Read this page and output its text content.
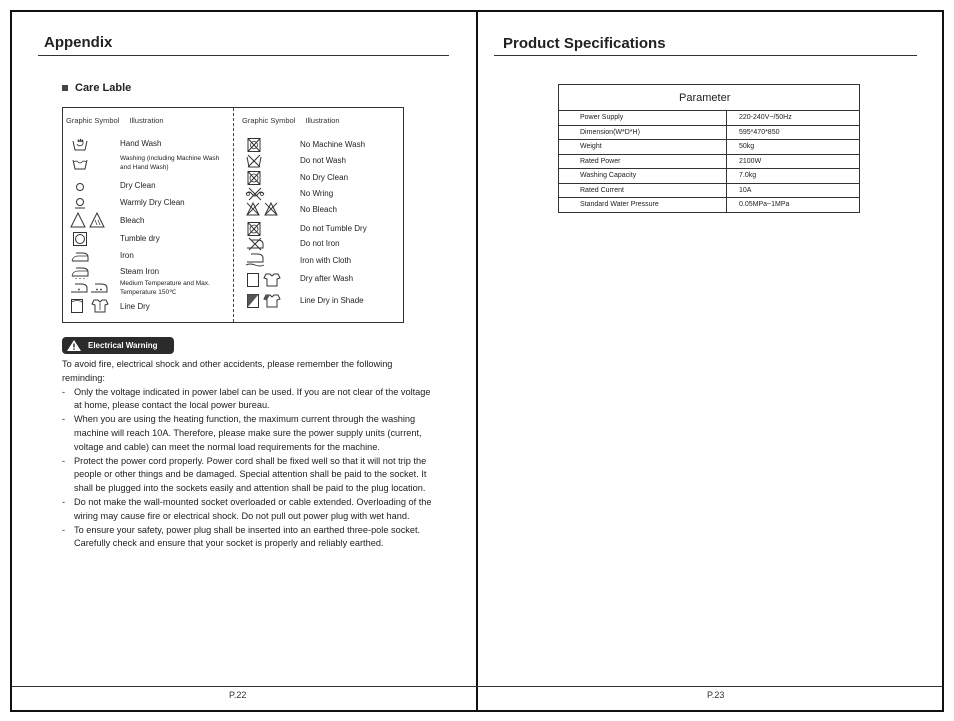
Appendix
Care Lable
Graphic Symbol Illustration	Graphic Symbol Illustration
Hand Wash
Washing (including Machine Wash and Hand Wash)
Dry Clean
Warmly Dry Clean
Bleach
Tumble dry
Iron
Steam Iron
Medium Temperature and Max. Temperature 150℃
Line Dry
No Machine Wash
Do not Wash
No Dry Clean
No Wring
No Bleach
Do not Tumble Dry
Do not Iron
Iron with Cloth
Dry after Wash
Line Dry in Shade
Electrical Warning

To avoid fire, electrical shock and other accidents, please remember the following reminding:

- Only the voltage indicated in power label can be used. If you are not clear of the voltage at home, please contact the local power bureau.

- When you are using the heating function, the maximum current through the washing machine will reach 10A. Therefore, please make sure the power supply units (current, voltage and cable) can meet the normal load requirements for the machine.

- Protect the power cord properly. Power cord shall be fixed well so that it will not trip the people or other things and be damaged. Special attention shall be paid to the socket. It shall be plugged into the sockets easily and attention shall be paid to the plug location.

- Do not make the wall-mounted socket overloaded or cable extended. Overloading of the wiring may cause fire or electrical shock. Do not pull out power plug with wet hand.

- To ensure your safety, power plug shall be inserted into an earthed three-pole socket. Carefully check and ensure that your socket is properly and reliably earthed.

P.22
Product Specifications
Parameter	
Power Supply	220-240V~/50Hz
Dimension(W*D*H)	595*470*850
Weight	50kg
Rated Power	2100W
Washing Capacity	7.0kg
Rated Current	10A
Standard Water Pressure	0.05MPa~1MPa
P.23
